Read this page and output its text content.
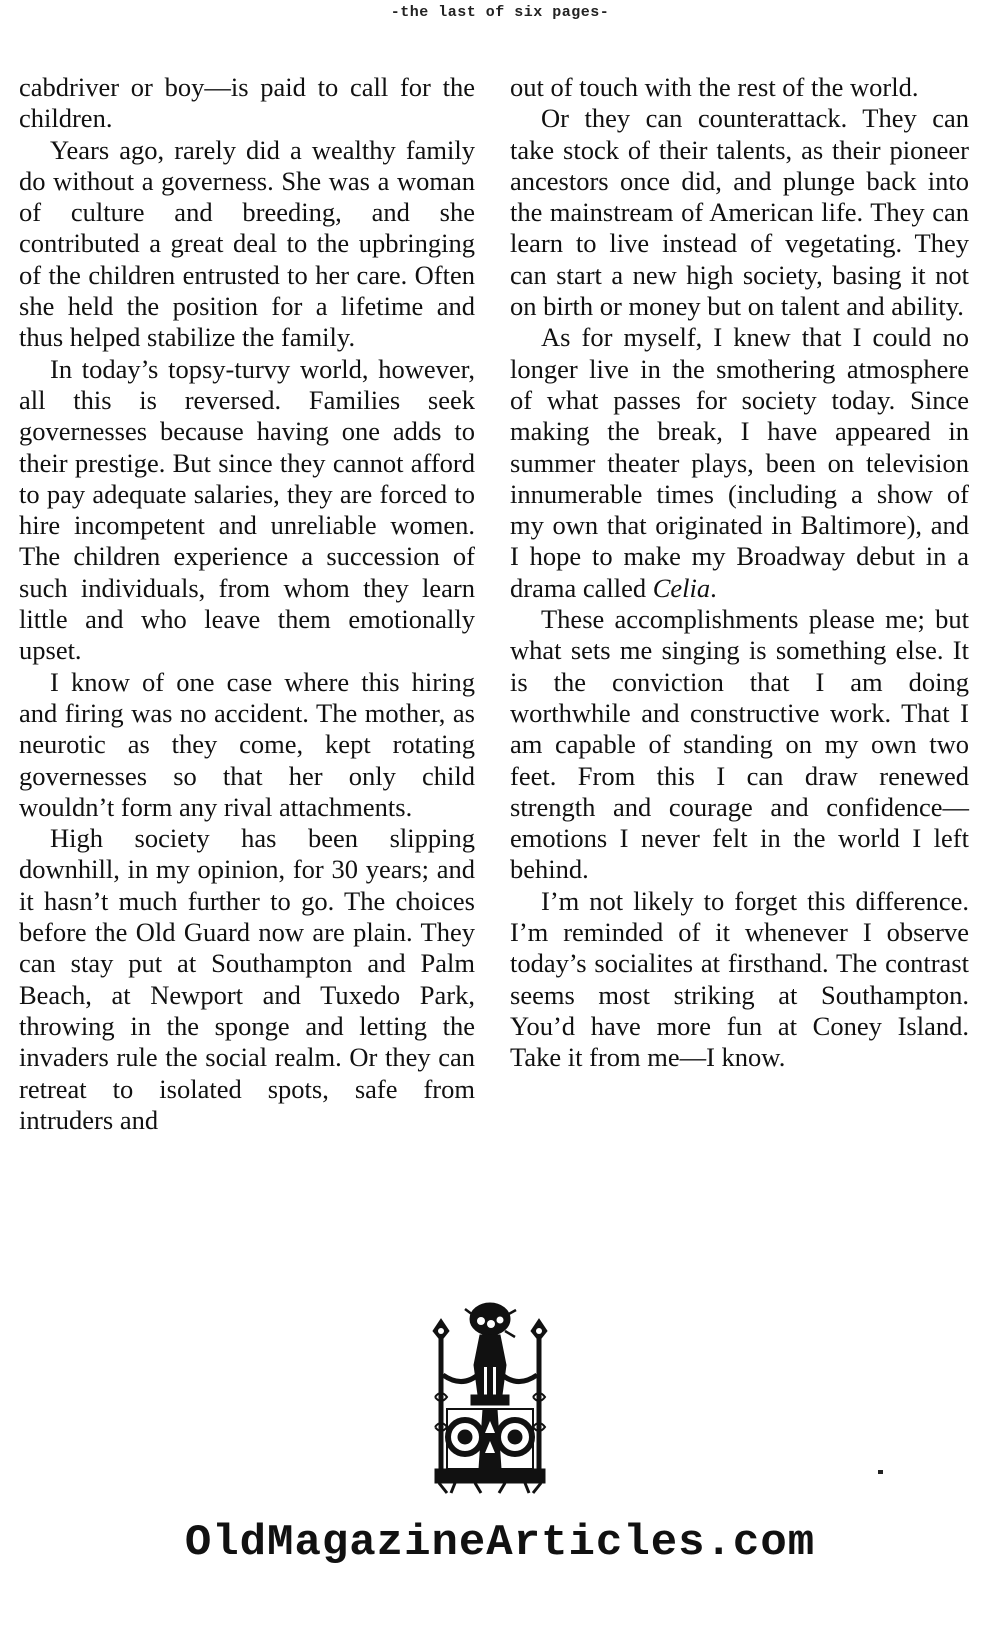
-the last of six pages-

cabdriver or boy—is paid to call for the children.

Years ago, rarely did a wealthy family do without a governess. She was a woman of culture and breeding, and she contributed a great deal to the upbringing of the children entrusted to her care. Often she held the position for a lifetime and thus helped stabilize the family.

In today’s topsy-turvy world, however, all this is reversed. Families seek governesses because having one adds to their prestige. But since they cannot afford to pay adequate salaries, they are forced to hire incompetent and unreliable women. The children experience a succession of such individuals, from whom they learn little and who leave them emotionally upset.

I know of one case where this hiring and firing was no accident. The mother, as neurotic as they come, kept rotating governesses so that her only child wouldn’t form any rival attachments.

High society has been slipping downhill, in my opinion, for 30 years; and it hasn’t much further to go. The choices before the Old Guard now are plain. They can stay put at Southampton and Palm Beach, at Newport and Tuxedo Park, throwing in the sponge and letting the invaders rule the social realm. Or they can retreat to isolated spots, safe from intruders and

out of touch with the rest of the world.

Or they can counterattack. They can take stock of their talents, as their pioneer ancestors once did, and plunge back into the mainstream of American life. They can learn to live instead of vegetating. They can start a new high society, basing it not on birth or money but on talent and ability.

As for myself, I knew that I could no longer live in the smothering atmosphere of what passes for society today. Since making the break, I have appeared in summer theater plays, been on television innumerable times (including a show of my own that originated in Baltimore), and I hope to make my Broadway debut in a drama called Celia.

These accomplishments please me; but what sets me singing is something else. It is the conviction that I am doing worthwhile and constructive work. That I am capable of standing on my own two feet. From this I can draw renewed strength and courage and confidence—emotions I never felt in the world I left behind.

I’m not likely to forget this difference. I’m reminded of it whenever I observe today’s socialites at firsthand. The contrast seems most striking at Southampton. You’d have more fun at Coney Island. Take it from me—I know.

OldMagazineArticles.com
